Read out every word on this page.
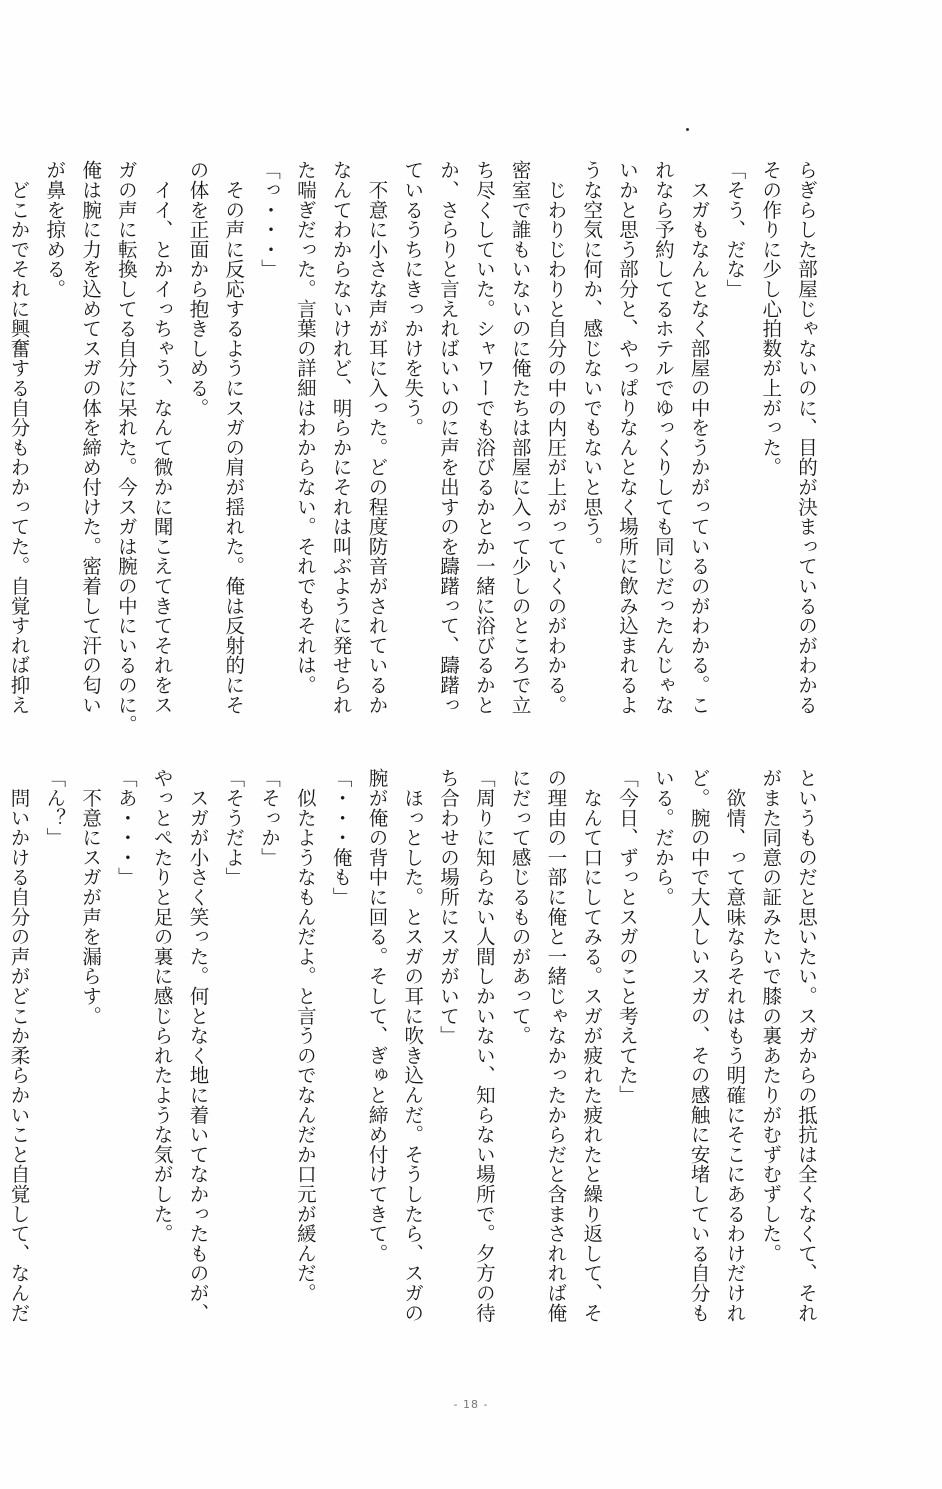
らぎらした部屋じゃないのに、目的が決まっているのがわかる
その作りに少し心拍数が上がった。
「そう、だな」
　スガもなんとなく部屋の中をうかがっているのがわかる。こ
れなら予約してるホテルでゆっくりしても同じだったんじゃな
いかと思う部分と、やっぱりなんとなく場所に飲み込まれるよ
うな空気に何か、感じないでもないと思う。
　じわりじわりと自分の中の内圧が上がっていくのがわかる。
密室で誰もいないのに俺たちは部屋に入って少しのところで立
ち尽くしていた。シャワーでも浴びるかとか一緒に浴びるかと
か、さらりと言えればいいのに声を出すのを躊躇って、躊躇っ
ているうちにきっかけを失う。
　不意に小さな声が耳に入った。どの程度防音がされているか
なんてわからないけれど、明らかにそれは叫ぶように発せられ
た喘ぎだった。言葉の詳細はわからない。それでもそれは。
「っ・・・」
　その声に反応するようにスガの肩が揺れた。俺は反射的にそ
の体を正面から抱きしめる。
　イイ、とかイっちゃう、なんて微かに聞こえてきてそれをス
ガの声に転換してる自分に呆れた。今スガは腕の中にいるのに。
俺は腕に力を込めてスガの体を締め付けた。密着して汗の匂い
が鼻を掠める。
　どこかでそれに興奮する自分もわかってた。自覚すれば抑え
というものだと思いたい。スガからの抵抗は全くなくて、それ
がまた同意の証みたいで膝の裏あたりがむずむずした。
　欲情、って意味ならそれはもう明確にそこにあるわけだけれ
ど。腕の中で大人しいスガの、その感触に安堵している自分も
いる。だから。
「今日、ずっとスガのこと考えてた」
　なんて口にしてみる。スガが疲れた疲れたと繰り返して、そ
の理由の一部に俺と一緒じゃなかったからだと含まされれば俺
にだって感じるものがあって。
「周りに知らない人間しかいない、知らない場所で。夕方の待
ち合わせの場所にスガがいて」
　ほっとした。とスガの耳に吹き込んだ。そうしたら、スガの
腕が俺の背中に回る。そして、ぎゅと締め付けてきて。
「・・・俺も」
　似たようなもんだよ。と言うのでなんだか口元が緩んだ。
「そっか」
「そうだよ」
　スガが小さく笑った。何となく地に着いてなかったものが、
やっとぺたりと足の裏に感じられたような気がした。
「あ・・・」
　不意にスガが声を漏らす。
「ん？」
　問いかける自分の声がどこか柔らかいこと自覚して、なんだ
- 18 -
